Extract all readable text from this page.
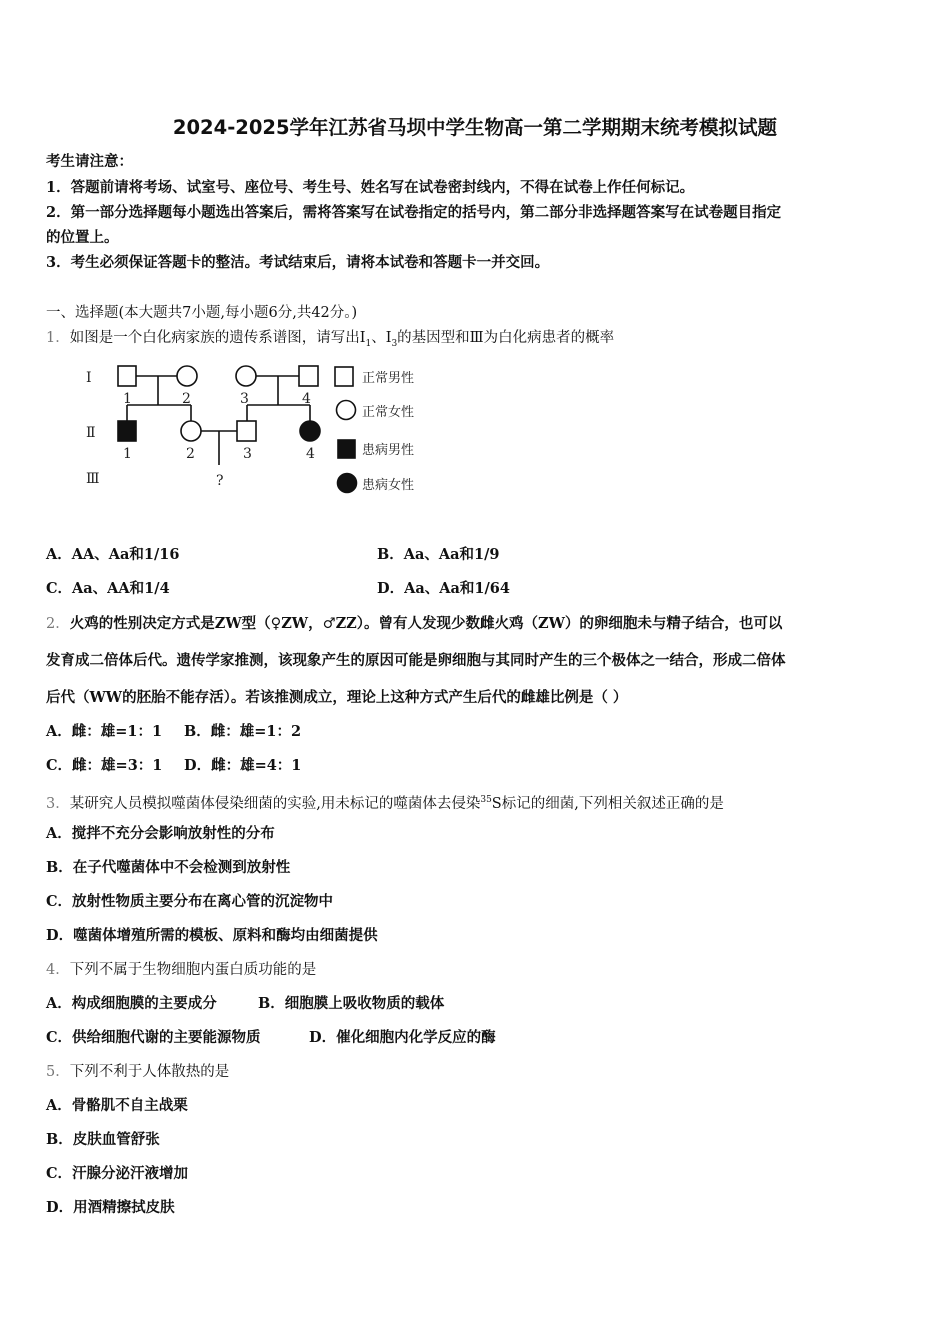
2024-2025学年江苏省马坝中学生物高一第二学期期末统考模拟试题
考生请注意：
1．答题前请将考场、试室号、座位号、考生号、姓名写在试卷密封线内，不得在试卷上作任何标记。
2．第一部分选择题每小题选出答案后，需将答案写在试卷指定的括号内，第二部分非选择题答案写在试卷题目指定
的位置上。
3．考生必须保证答题卡的整洁。考试结束后，请将本试卷和答题卡一并交回。
一、选择题(本大题共7小题,每小题6分,共42分。)
1．如图是一个白化病家族的遗传系谱图，请写出$Ⅰ_1$、$Ⅰ_3$的基因型和Ⅲ为白化病患者的概率
Ⅰ
Ⅱ
Ⅲ
1	2	3	4
1	2	3	4
?
正常男性
正常女性
患病男性
患病女性
A．AA、Aa和1/16	B．Aa、Aa和1/9
C．Aa、AA和1/4	D．Aa、Aa和1/64
2．火鸡的性别决定方式是ZW型（♀ZW，♂ZZ）。曾有人发现少数雌火鸡（ZW）的卵细胞未与精子结合，也可以
发育成二倍体后代。遗传学家推测，该现象产生的原因可能是卵细胞与其同时产生的三个极体之一结合，形成二倍体
后代（WW的胚胎不能存活）。若该推测成立，理论上这种方式产生后代的雌雄比例是（ ）
A．雌：雄=1：1 B．雌：雄=1：2
C．雌：雄=3：1 D．雌：雄=4：1
3．某研究人员模拟噬菌体侵染细菌的实验,用未标记的噬菌体去侵染$^{35}$S标记的细菌,下列相关叙述正确的是
A．搅拌不充分会影响放射性的分布
B．在子代噬菌体中不会检测到放射性
C．放射性物质主要分布在离心管的沉淀物中
D．噬菌体增殖所需的模板、原料和酶均由细菌提供
4．下列不属于生物细胞内蛋白质功能的是
A．构成细胞膜的主要成分	B．细胞膜上吸收物质的载体
C．供给细胞代谢的主要能源物质	D．催化细胞内化学反应的酶
5．下列不利于人体散热的是
A．骨骼肌不自主战栗
B．皮肤血管舒张
C．汗腺分泌汗液增加
D．用酒精擦拭皮肤
